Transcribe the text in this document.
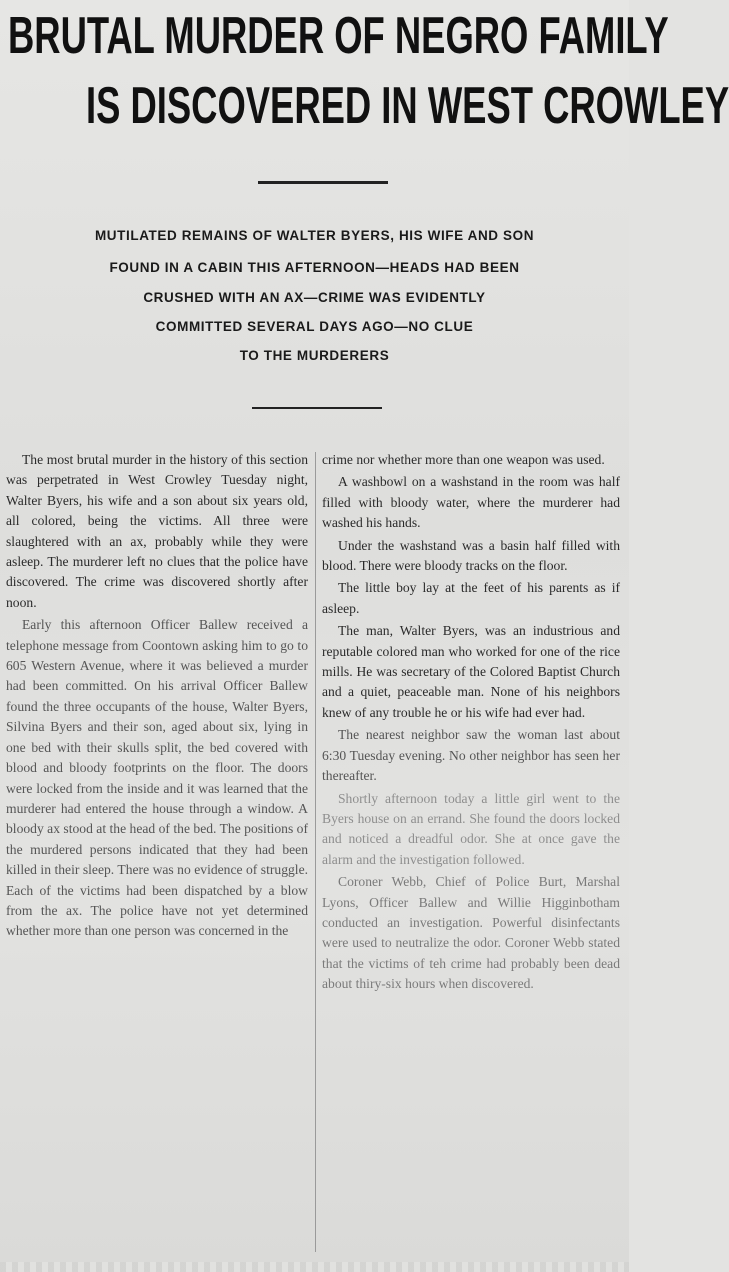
BRUTAL MURDER OF NEGRO FAMILY
IS DISCOVERED IN WEST CROWLEY
MUTILATED REMAINS OF WALTER BYERS, HIS WIFE AND SON
FOUND IN A CABIN THIS AFTERNOON—HEADS HAD BEEN
CRUSHED WITH AN AX—CRIME WAS EVIDENTLY
COMMITTED SEVERAL DAYS AGO—NO CLUE
TO THE MURDERERS

The most brutal murder in the history of this section was perpetrated in West Crowley Tuesday night, Walter Byers, his wife and a son about six years old, all colored, being the victims. All three were slaughtered with an ax, probably while they were asleep. The murderer left no clues that the police have discovered. The crime was discovered shortly after noon.

Early this afternoon Officer Ballew received a telephone message from Coontown asking him to go to 605 Western Avenue, where it was believed a murder had been committed. On his arrival Officer Ballew found the three occupants of the house, Walter Byers, Silvina Byers and their son, aged about six, lying in one bed with their skulls split, the bed covered with blood and bloody footprints on the floor. The doors were locked from the inside and it was learned that the murderer had entered the house through a window. A bloody ax stood at the head of the bed. The positions of the murdered persons indicated that they had been killed in their sleep. There was no evidence of struggle. Each of the victims had been dispatched by a blow from the ax. The police have not yet determined whether more than one person was concerned in the

crime nor whether more than one weapon was used.

A washbowl on a washstand in the room was half filled with bloody water, where the murderer had washed his hands.

Under the washstand was a basin half filled with blood. There were bloody tracks on the floor.

The little boy lay at the feet of his parents as if asleep.

The man, Walter Byers, was an industrious and reputable colored man who worked for one of the rice mills. He was secretary of the Colored Baptist Church and a quiet, peaceable man. None of his neighbors knew of any trouble he or his wife had ever had.

The nearest neighbor saw the woman last about 6:30 Tuesday evening. No other neighbor has seen her thereafter.

Shortly afternoon today a little girl went to the Byers house on an errand. She found the doors locked and noticed a dreadful odor. She at once gave the alarm and the investigation followed.

Coroner Webb, Chief of Police Burt, Marshal Lyons, Officer Ballew and Willie Higginbotham conducted an investigation. Powerful disinfectants were used to neutralize the odor. Coroner Webb stated that the victims of teh crime had probably been dead about thiry-six hours when discovered.
